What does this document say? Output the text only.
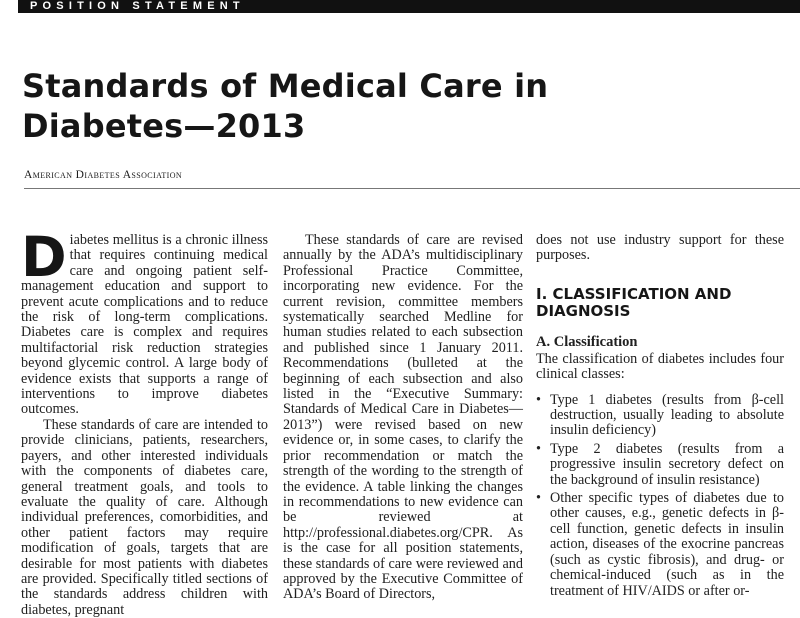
POSITION STATEMENT
Standards of Medical Care in
Diabetes—2013

American Diabetes Association

Diabetes mellitus is a chronic illness that requires continuing medical care and ongoing patient self-management education and support to prevent acute complications and to reduce the risk of long-term complications. Diabetes care is complex and requires multifactorial risk reduction strategies beyond glycemic control. A large body of evidence exists that supports a range of interventions to improve diabetes outcomes.

These standards of care are intended to provide clinicians, patients, researchers, payers, and other interested individuals with the components of diabetes care, general treatment goals, and tools to evaluate the quality of care. Although individual preferences, comorbidities, and other patient factors may require modification of goals, targets that are desirable for most patients with diabetes are provided. Specifically titled sections of the standards address children with diabetes, pregnant

These standards of care are revised annually by the ADA’s multidisciplinary Professional Practice Committee, incorporating new evidence. For the current revision, committee members systematically searched Medline for human studies related to each subsection and published since 1 January 2011. Recommendations (bulleted at the beginning of each subsection and also listed in the “Executive Summary: Standards of Medical Care in Diabetes—2013”) were revised based on new evidence or, in some cases, to clarify the prior recommendation or match the strength of the wording to the strength of the evidence. A table linking the changes in recommendations to new evidence can be reviewed at http://professional.diabetes.org/CPR. As is the case for all position statements, these standards of care were reviewed and approved by the Executive Committee of ADA’s Board of Directors,

does not use industry support for these purposes.

I. CLASSIFICATION AND DIAGNOSIS
A. Classification

The classification of diabetes includes four clinical classes:

• Type 1 diabetes (results from β-cell destruction, usually leading to absolute insulin deficiency)
• Type 2 diabetes (results from a progressive insulin secretory defect on the background of insulin resistance)
• Other specific types of diabetes due to other causes, e.g., genetic defects in β-cell function, genetic defects in insulin action, diseases of the exocrine pancreas (such as cystic fibrosis), and drug- or chemical-induced (such as in the treatment of HIV/AIDS or after or-
